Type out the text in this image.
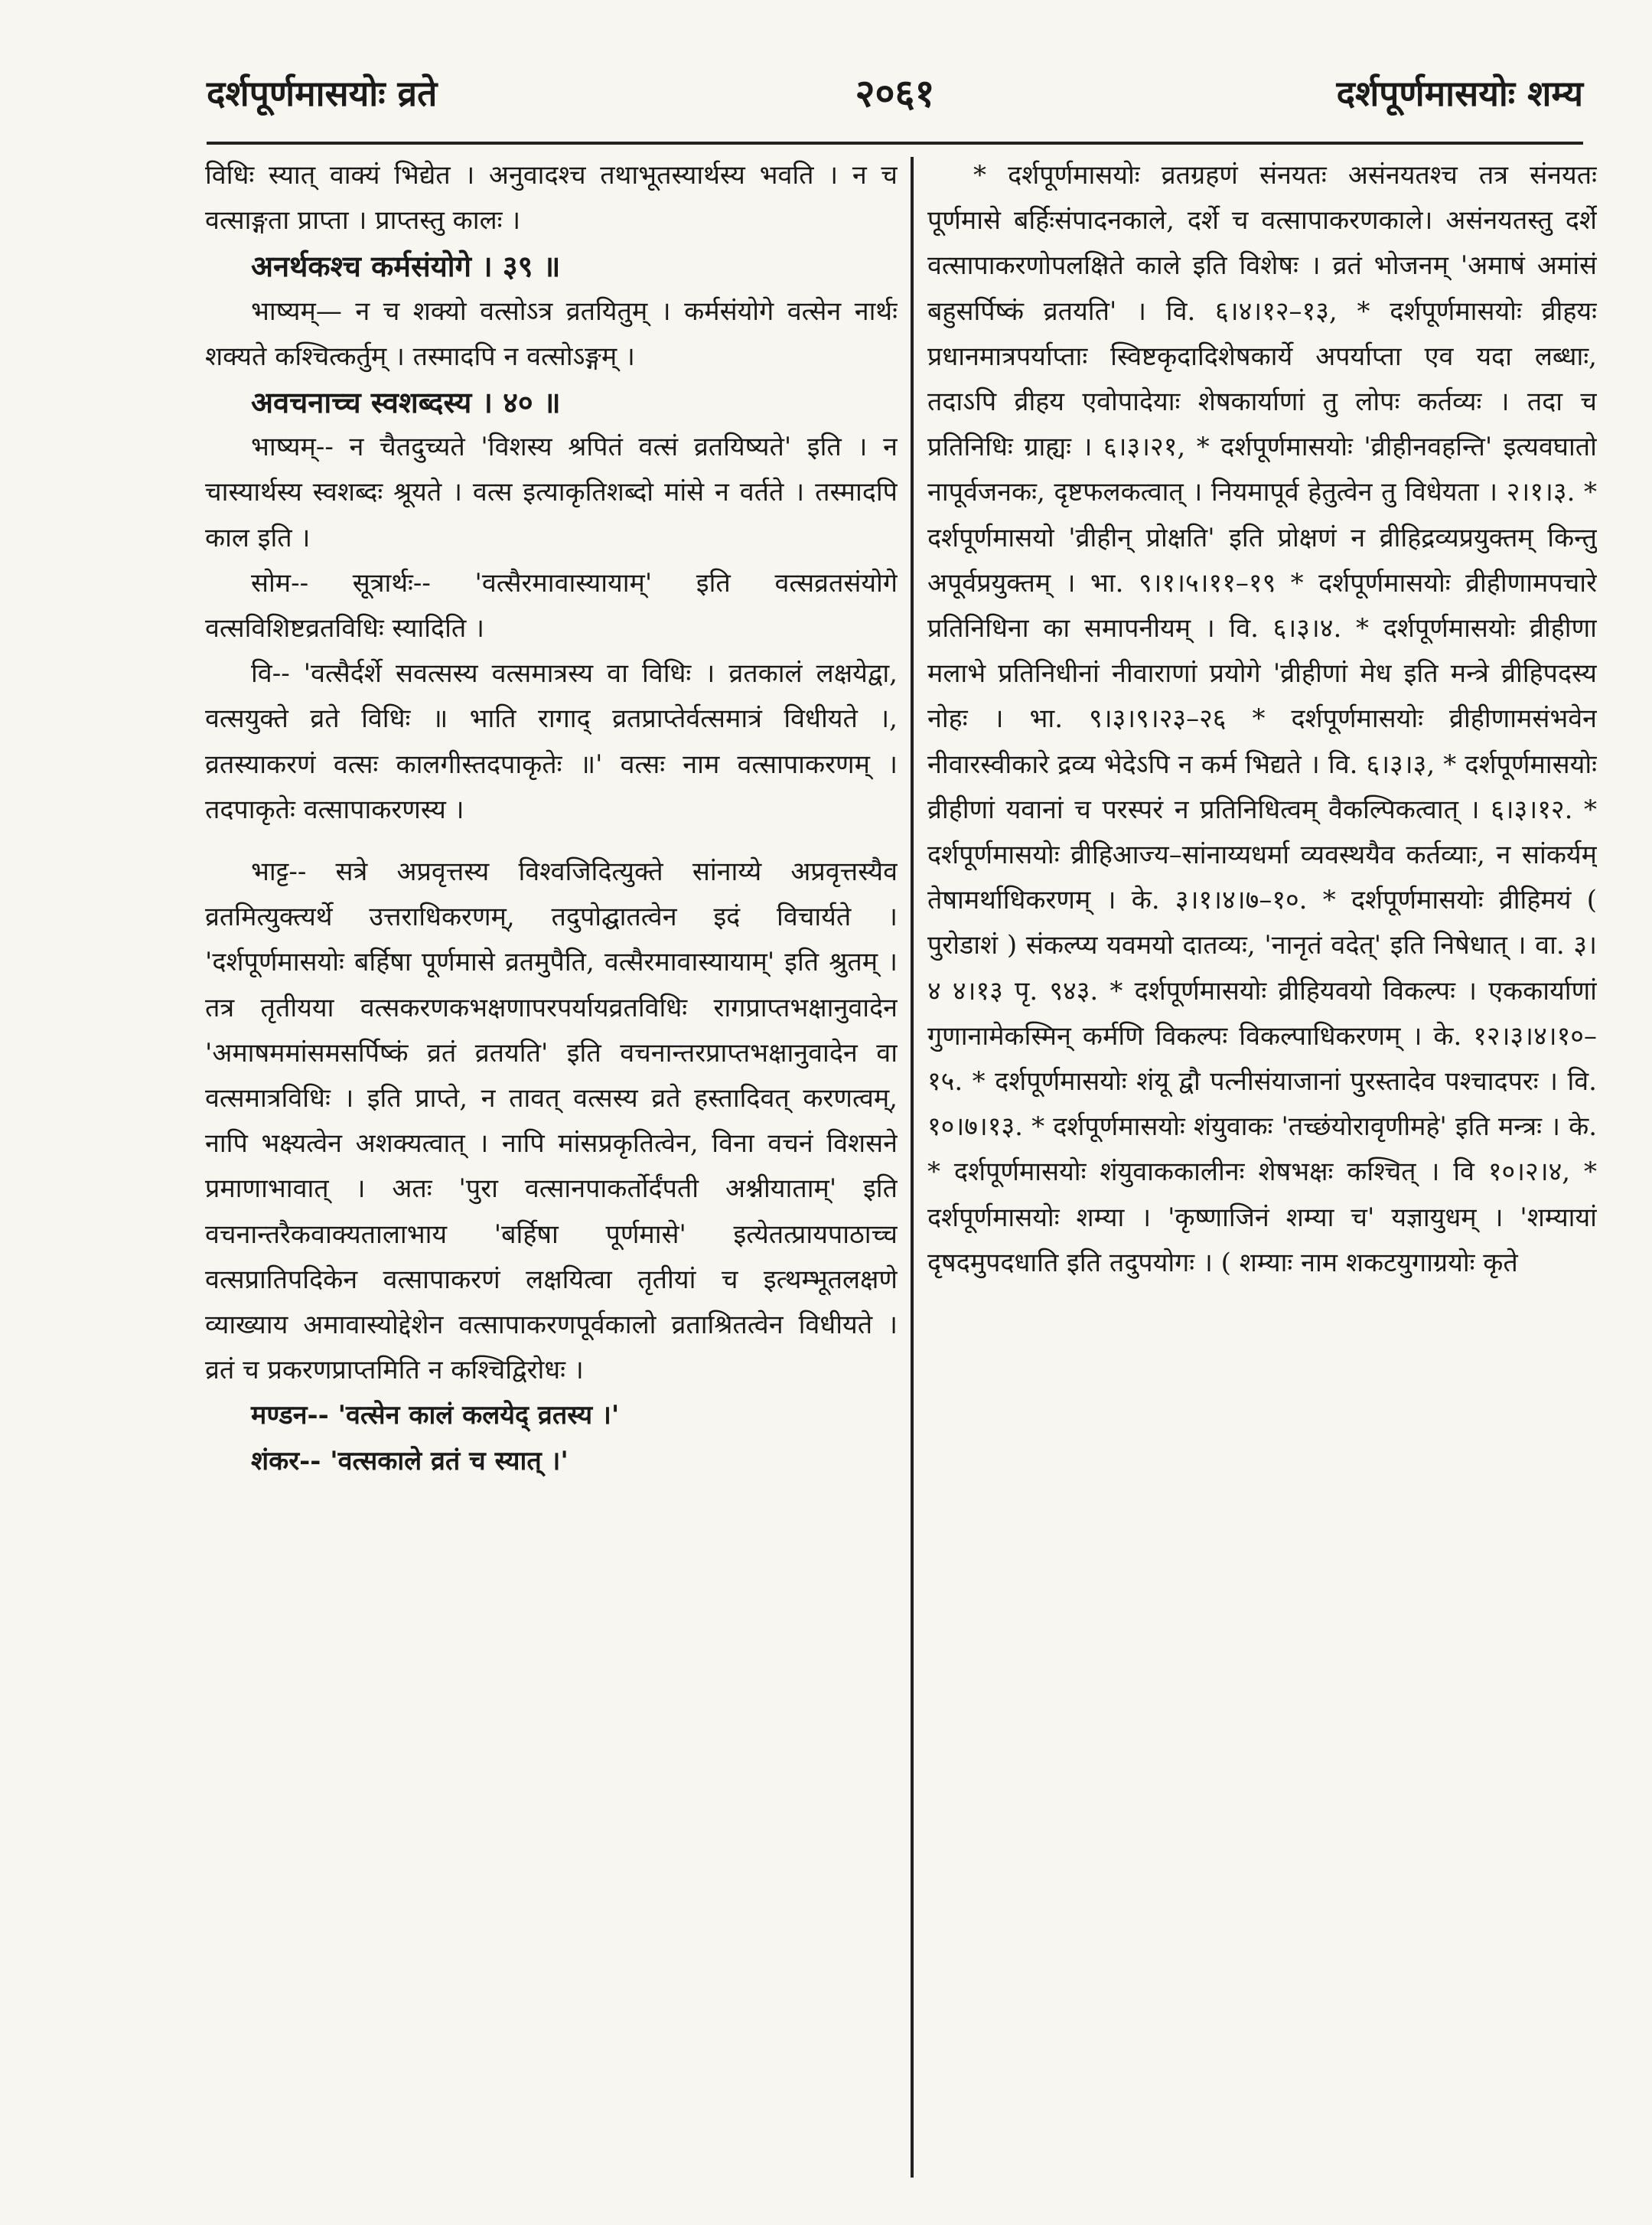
दर्शपूर्णमासयोः व्रते	२०६१	दर्शपूर्णमासयोः शम्य

विधिः स्यात् वाक्यं भिद्येत । अनुवादश्च तथाभूतस्यार्थस्य भवति । न च वत्साङ्गता प्राप्ता । प्राप्तस्तु कालः ।

अनर्थकश्च कर्मसंयोगे । ३९ ॥

भाष्यम्— न च शक्यो वत्सोऽत्र व्रतयितुम् । कर्मसंयोगे वत्सेन नार्थः शक्यते कश्चित्कर्तुम् । तस्मादपि न वत्सोऽङ्गम् ।

अवचनाच्च स्वशब्दस्य । ४० ॥

भाष्यम्-- न चैतदुच्यते 'विशस्य श्रपितं वत्सं व्रतयिष्यते' इति । न चास्यार्थस्य स्वशब्दः श्रूयते । वत्स इत्याकृतिशब्दो मांसे न वर्तते । तस्मादपि काल इति ।

सोम-- सूत्रार्थः-- 'वत्सैरमावास्यायाम्' इति वत्सव्रतसंयोगे वत्सविशिष्टव्रतविधिः स्यादिति ।

वि-- 'वत्सैर्दर्शे सवत्सस्य वत्समात्रस्य वा विधिः । व्रतकालं लक्षयेद्वा, वत्सयुक्ते व्रते विधिः ॥ भाति रागाद् व्रतप्राप्तेर्वत्समात्रं विधीयते ।, व्रतस्याकरणं वत्सः कालगीस्तदपाकृतेः ॥' वत्सः नाम वत्सापाकरणम् । तदपाकृतेः वत्सापाकरणस्य ।

भाट्ट-- सत्रे अप्रवृत्तस्य विश्वजिदित्युक्ते सांनाय्ये अप्रवृत्तस्यैव व्रतमित्युक्त्यर्थे उत्तराधिकरणम्, तदुपोद्घातत्वेन इदं विचार्यते । 'दर्शपूर्णमासयोः बर्हिषा पूर्णमासे व्रतमुपैति, वत्सैरमावास्यायाम्' इति श्रुतम् । तत्र तृतीयया वत्सकरणकभक्षणापरपर्यायव्रतविधिः रागप्राप्तभक्षानुवादेन 'अमाषममांसमसर्पिष्कं व्रतं व्रतयति' इति वचनान्तरप्राप्तभक्षानुवादेन वा वत्समात्रविधिः । इति प्राप्ते, न तावत् वत्सस्य व्रते हस्तादिवत् करणत्वम्, नापि भक्ष्यत्वेन अशक्यत्वात् । नापि मांसप्रकृतित्वेन, विना वचनं विशसने प्रमाणाभावात् । अतः 'पुरा वत्सानपाकर्तोर्दंपती अश्नीयाताम्' इति वचनान्तरैकवाक्यतालाभाय 'बर्हिषा पूर्णमासे' इत्येतत्प्रायपाठाच्च वत्सप्रातिपदिकेन वत्सापाकरणं लक्षयित्वा तृतीयां च इत्थम्भूतलक्षणे व्याख्याय अमावास्योद्देशेन वत्सापाकरणपूर्वकालो व्रताश्रितत्वेन विधीयते । व्रतं च प्रकरणप्राप्तमिति न कश्चिद्विरोधः ।

मण्डन-- 'वत्सेन कालं कलयेद् व्रतस्य ।'

शंकर-- 'वत्सकाले व्रतं च स्यात् ।'

* दर्शपूर्णमासयोः व्रतग्रहणं संनयतः असंनयतश्च तत्र संनयतः पूर्णमासे बर्हिःसंपादनकाले, दर्शे च वत्सापाकरणकाले। असंनयतस्तु दर्शे वत्सापाकरणोपलक्षिते काले इति विशेषः । व्रतं भोजनम् 'अमाषं अमांसं बहुसर्पिष्कं व्रतयति' । वि. ६।४।१२–१३, * दर्शपूर्णमासयोः व्रीहयः प्रधानमात्रपर्याप्ताः स्विष्टकृदादिशेषकार्ये अपर्याप्ता एव यदा लब्धाः, तदाऽपि व्रीहय एवोपादेयाः शेषकार्याणां तु लोपः कर्तव्यः । तदा च प्रतिनिधिः ग्राह्यः । ६।३।२१, * दर्शपूर्णमासयोः 'व्रीहीनवहन्ति' इत्यवघातो नापूर्वजनकः, दृष्टफलकत्वात् । नियमापूर्व हेतुत्वेन तु विधेयता । २।१।३. * दर्शपूर्णमासयो 'व्रीहीन् प्रोक्षति' इति प्रोक्षणं न व्रीहिद्रव्यप्रयुक्तम् किन्तु अपूर्वप्रयुक्तम् । भा. ९।१।५।११–१९ * दर्शपूर्णमासयोः व्रीहीणामपचारे प्रतिनिधिना का समापनीयम् । वि. ६।३।४. * दर्शपूर्णमासयोः व्रीहीणा मलाभे प्रतिनिधीनां नीवाराणां प्रयोगे 'व्रीहीणां मेध इति मन्त्रे व्रीहिपदस्य नोहः । भा. ९।३।९।२३–२६ * दर्शपूर्णमासयोः व्रीहीणामसंभवेन नीवारस्वीकारे द्रव्य भेदेऽपि न कर्म भिद्यते । वि. ६।३।३, * दर्शपूर्णमासयोः व्रीहीणां यवानां च परस्परं न प्रतिनिधित्वम् वैकल्पिकत्वात् । ६।३।१२. * दर्शपूर्णमासयोः व्रीहिआज्य–सांनाय्यधर्मा व्यवस्थयैव कर्तव्याः, न सांकर्यम् तेषामर्थाधिकरणम् । के. ३।१।४।७–१०. * दर्शपूर्णमासयोः व्रीहिमयं ( पुरोडाशं ) संकल्प्य यवमयो दातव्यः, 'नानृतं वदेत्' इति निषेधात् । वा. ३।४ ४।१३ पृ. ९४३. * दर्शपूर्णमासयोः व्रीहियवयो विकल्पः । एककार्याणां गुणानामेकस्मिन् कर्मणि विकल्पः विकल्पाधिकरणम् । के. १२।३।४।१०–१५. * दर्शपूर्णमासयोः शंयू द्वौ पत्नीसंयाजानां पुरस्तादेव पश्चादपरः । वि. १०।७।१३. * दर्शपूर्णमासयोः शंयुवाकः 'तच्छंयोरावृणीमहे' इति मन्त्रः । के. * दर्शपूर्णमासयोः शंयुवाककालीनः शेषभक्षः कश्चित् । वि १०।२।४, * दर्शपूर्णमासयोः शम्या । 'कृष्णाजिनं शम्या च' यज्ञायुधम् । 'शम्यायां दृषदमुपदधाति इति तदुपयोगः । ( शम्याः नाम शकटयुगाग्रयोः कृते
